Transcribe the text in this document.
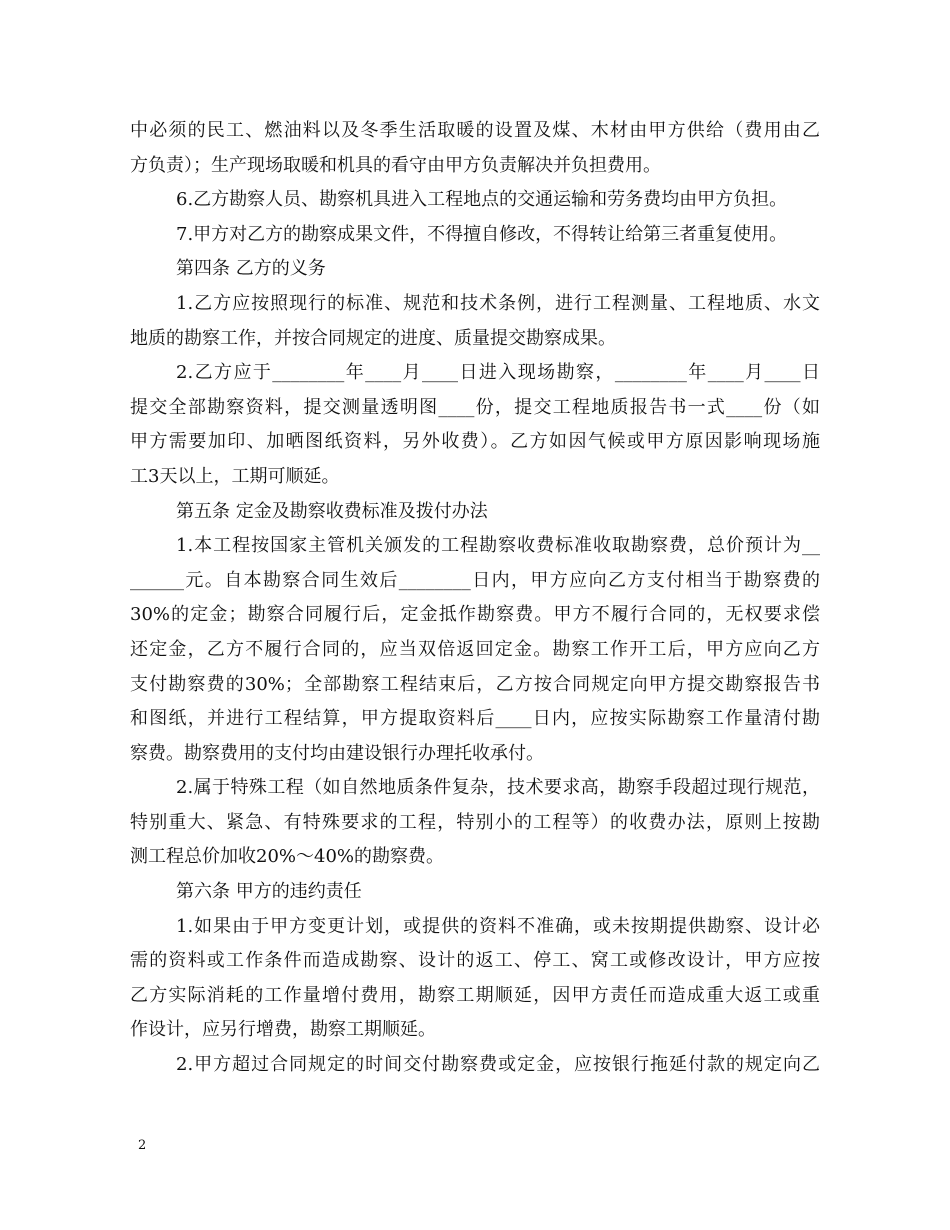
中必须的民工、燃油料以及冬季生活取暖的设置及煤、木材由甲方供给（费用由乙
方负责）；生产现场取暖和机具的看守由甲方负责解决并负担费用。
6.乙方勘察人员、勘察机具进入工程地点的交通运输和劳务费均由甲方负担。
7.甲方对乙方的勘察成果文件，不得擅自修改，不得转让给第三者重复使用。
第四条 乙方的义务
1.乙方应按照现行的标准、规范和技术条例，进行工程测量、工程地质、水文
地质的勘察工作，并按合同规定的进度、质量提交勘察成果。
2.乙方应于________年____月____日进入现场勘察，________年____月____日
提交全部勘察资料，提交测量透明图____份，提交工程地质报告书一式____份（如
甲方需要加印、加晒图纸资料，另外收费）。乙方如因气候或甲方原因影响现场施
工3天以上，工期可顺延。
第五条 定金及勘察收费标准及拨付办法
1.本工程按国家主管机关颁发的工程勘察收费标准收取勘察费，总价预计为__
______元。自本勘察合同生效后________日内，甲方应向乙方支付相当于勘察费的
30%的定金；勘察合同履行后，定金抵作勘察费。甲方不履行合同的，无权要求偿
还定金，乙方不履行合同的，应当双倍返回定金。勘察工作开工后，甲方应向乙方
支付勘察费的30%；全部勘察工程结束后，乙方按合同规定向甲方提交勘察报告书
和图纸，并进行工程结算，甲方提取资料后____日内，应按实际勘察工作量清付勘
察费。勘察费用的支付均由建设银行办理托收承付。
2.属于特殊工程（如自然地质条件复杂，技术要求高，勘察手段超过现行规范，
特别重大、紧急、有特殊要求的工程，特别小的工程等）的收费办法，原则上按勘
测工程总价加收20%～40%的勘察费。
第六条 甲方的违约责任
1.如果由于甲方变更计划，或提供的资料不准确，或未按期提供勘察、设计必
需的资料或工作条件而造成勘察、设计的返工、停工、窝工或修改设计，甲方应按
乙方实际消耗的工作量增付费用，勘察工期顺延，因甲方责任而造成重大返工或重
作设计，应另行增费，勘察工期顺延。
2.甲方超过合同规定的时间交付勘察费或定金，应按银行拖延付款的规定向乙
2
